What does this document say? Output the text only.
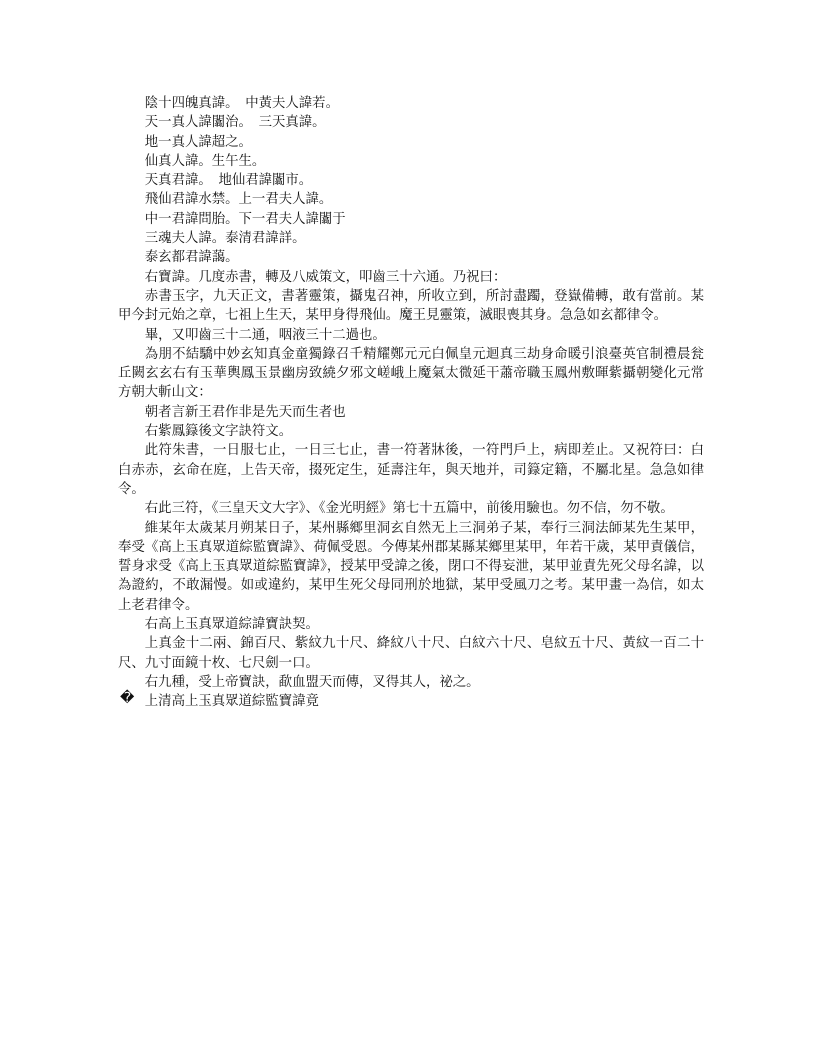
陰十四魄真諱。　中黃夫人諱若。

天一真人諱闟治。　三天真諱。

地一真人諱超之。

仙真人諱。生午生。

天真君諱。　地仙君諱闟市。

飛仙君諱水禁。上一君夫人諱。

中一君諱問胎。下一君夫人諱闟于

三魂夫人諱。泰清君諱詳。

泰玄都君諱藹。

右寶諱。几度赤書，轉及八威策文，叩齒三十六通。乃祝曰：

赤書玉字，九天正文，書著靈策，攝鬼召神，所收立到，所討盡躅，登嶽備轉，敢有當前。某甲今封元始之章，七祖上生天，某甲身得飛仙。魔王見靈策，滅眼喪其身。急急如玄都律令。

畢，又叩齒三十二通，咽液三十二過也。

為朋不結驕中妙玄知真金童獨錄召千精耀鄭元元白佩皇元迴真三劫身命暖引浪臺英官制禮晨瓮丘闕玄玄右有玉華輿鳳玉景幽房致繞夕邪文嵯峨上魔氣太微延干蕭帝職玉鳳州敷暉紫攝朝變化元常方朝大斬山文：

朝者言新王君作非是先天而生者也

右紫鳳籙後文字訣符文。

此符朱書，一日服七止，一日三七止，書一符著牀後，一符門戶上，病即差止。又祝符曰：白白赤赤，玄命在庭，上告天帝，掇死定生，延壽注年，與天地并，司籙定籍，不屬北星。急急如律令。

右此三符，《三皇天文大字》、《金光明經》第七十五篇中，前後用驗也。勿不信，勿不敬。

維某年太歲某月朔某日子，某州縣鄉里洞玄自然无上三洞弟子某，奉行三洞法師某先生某甲，奉受《高上玉真眾道綜監寶諱》、荷佩受恩。今傳某州郡某縣某鄉里某甲，年若干歲，某甲責儀信，誓身求受《高上玉真眾道綜監寶諱》，授某甲受諱之後，閉口不得妄泄，某甲並責先死父母名諱，以為證約，不敢漏慢。如或違約，某甲生死父母同刑於地獄，某甲受風刀之考。某甲畫一為信，如太上老君律令。

右高上玉真眾道綜諱寶訣契。

上真金十二兩、錦百尺、紫紋九十尺、絳紋八十尺、白紋六十尺、皂紋五十尺、黃紋一百二十尺、九寸面鏡十枚、七尺劍一口。

右九種，受上帝寶訣，歃血盟天而傳，叉得其人，祕之。

上清高上玉真眾道綜監寶諱竟

�
